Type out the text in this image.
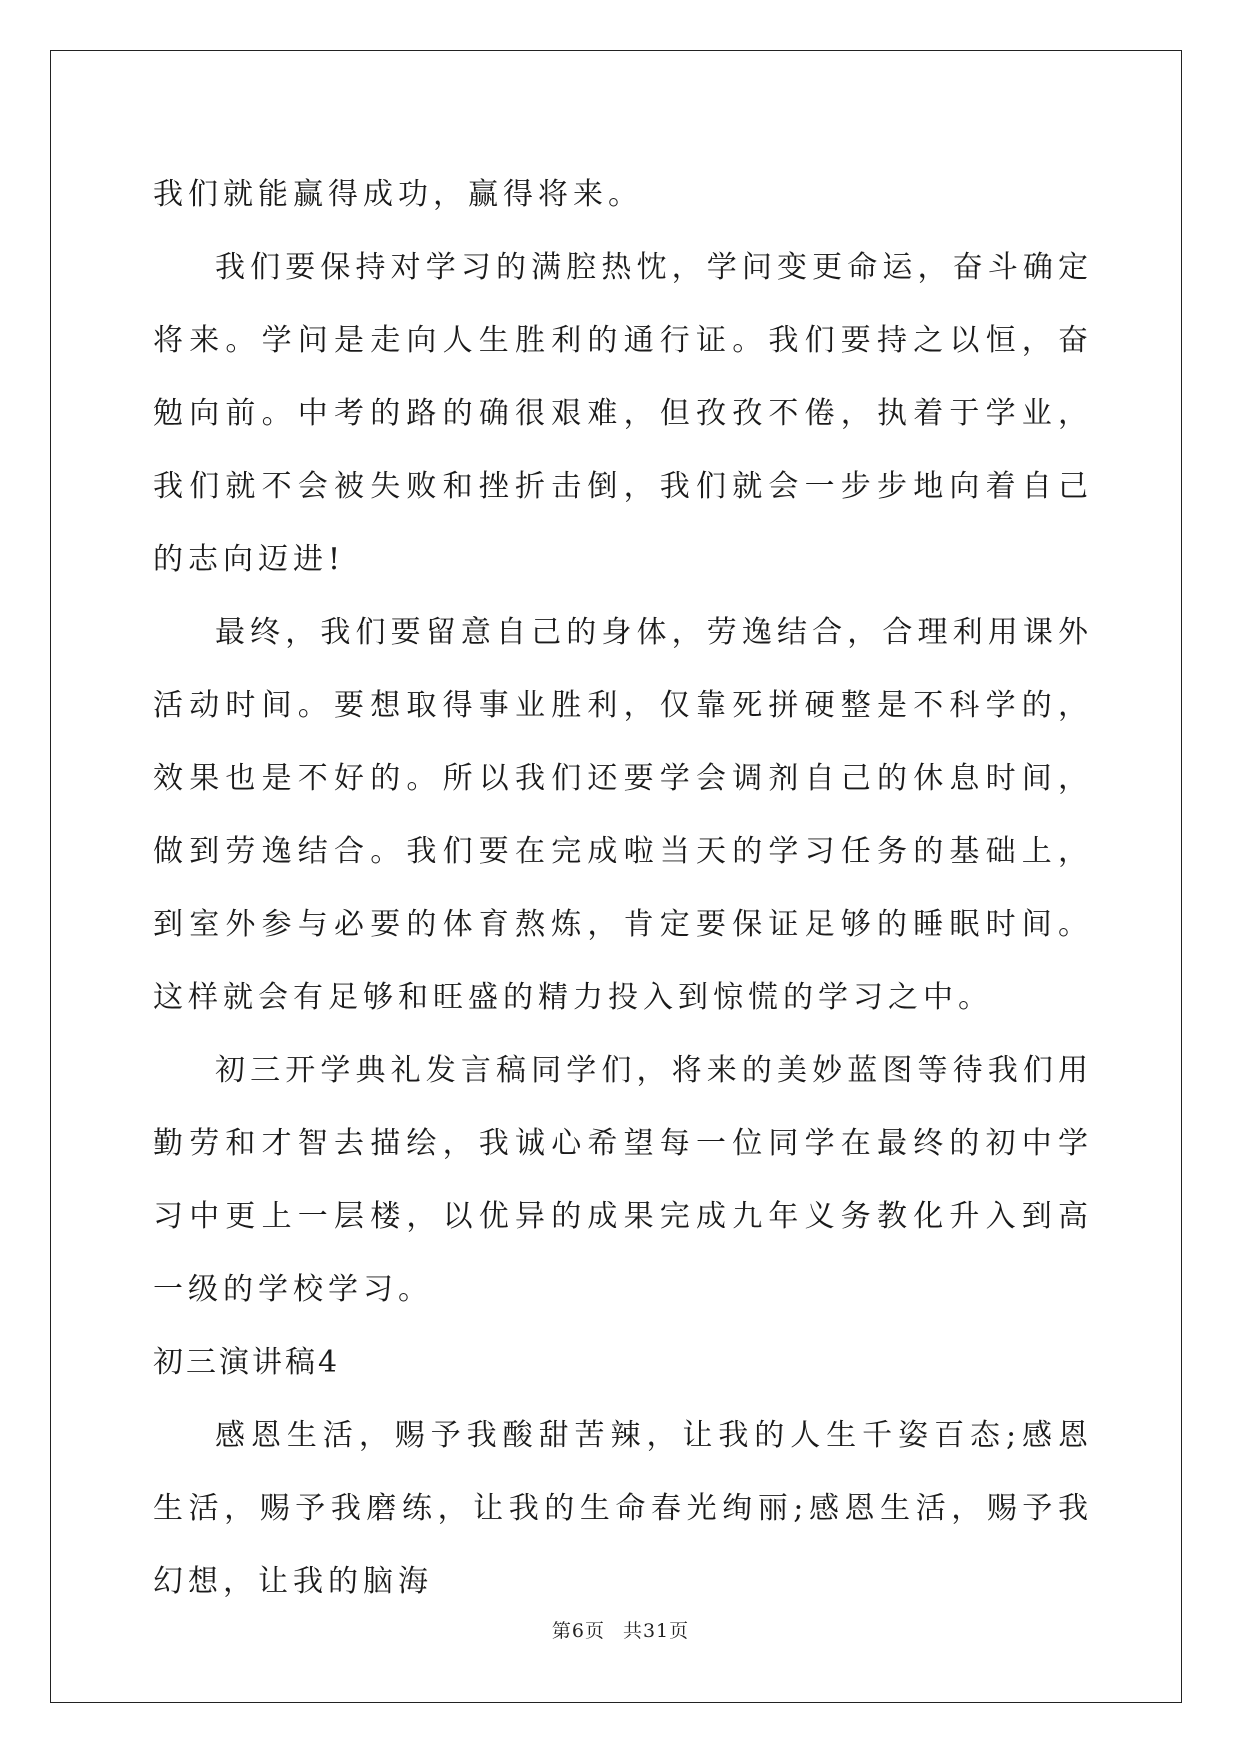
我们就能赢得成功，赢得将来。

我们要保持对学习的满腔热忱，学问变更命运，奋斗确定将来。学问是走向人生胜利的通行证。我们要持之以恒，奋勉向前。中考的路的确很艰难，但孜孜不倦，执着于学业，我们就不会被失败和挫折击倒，我们就会一步步地向着自己的志向迈进!

最终，我们要留意自己的身体，劳逸结合，合理利用课外活动时间。要想取得事业胜利，仅靠死拼硬整是不科学的，效果也是不好的。所以我们还要学会调剂自己的休息时间，做到劳逸结合。我们要在完成啦当天的学习任务的基础上，到室外参与必要的体育熬炼，肯定要保证足够的睡眠时间。这样就会有足够和旺盛的精力投入到惊慌的学习之中。

初三开学典礼发言稿同学们，将来的美妙蓝图等待我们用勤劳和才智去描绘，我诚心希望每一位同学在最终的初中学习中更上一层楼，以优异的成果完成九年义务教化升入到高一级的学校学习。

初三演讲稿4

感恩生活，赐予我酸甜苦辣，让我的人生千姿百态;感恩生活，赐予我磨练，让我的生命春光绚丽;感恩生活，赐予我幻想，让我的脑海

第6页 共31页
